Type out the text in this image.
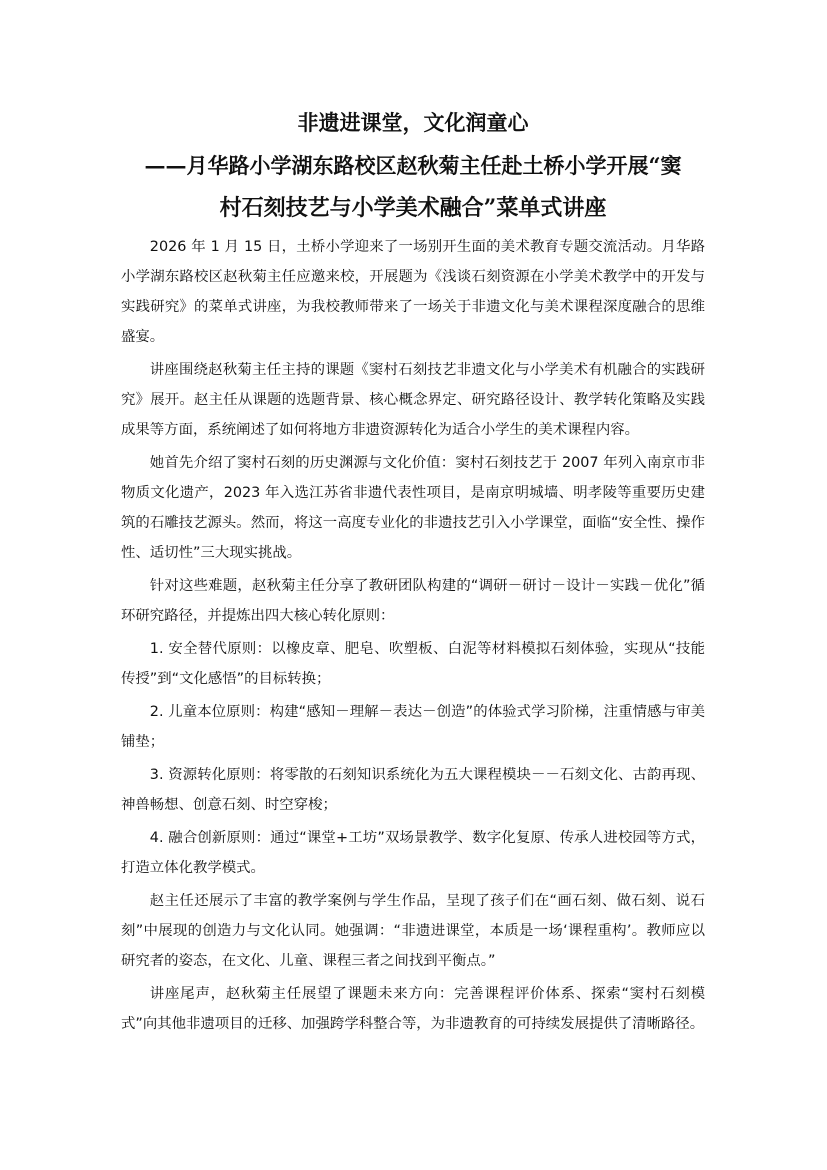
非遗进课堂，文化润童心

——月华路小学湖东路校区赵秋菊主任赴土桥小学开展“窦

村石刻技艺与小学美术融合”菜单式讲座

2026 年 1 月 15 日，土桥小学迎来了一场别开生面的美术教育专题交流活动。月华路小学湖东路校区赵秋菊主任应邀来校，开展题为《浅谈石刻资源在小学美术教学中的开发与实践研究》的菜单式讲座，为我校教师带来了一场关于非遗文化与美术课程深度融合的思维盛宴。

讲座围绕赵秋菊主任主持的课题《窦村石刻技艺非遗文化与小学美术有机融合的实践研究》展开。赵主任从课题的选题背景、核心概念界定、研究路径设计、教学转化策略及实践成果等方面，系统阐述了如何将地方非遗资源转化为适合小学生的美术课程内容。

她首先介绍了窦村石刻的历史渊源与文化价值：窦村石刻技艺于 2007 年列入南京市非物质文化遗产，2023 年入选江苏省非遗代表性项目，是南京明城墙、明孝陵等重要历史建筑的石雕技艺源头。然而，将这一高度专业化的非遗技艺引入小学课堂，面临“安全性、操作性、适切性”三大现实挑战。

针对这些难题，赵秋菊主任分享了教研团队构建的“调研－研讨－设计－实践－优化”循环研究路径，并提炼出四大核心转化原则：

1. 安全替代原则：以橡皮章、肥皂、吹塑板、白泥等材料模拟石刻体验，实现从“技能传授”到“文化感悟”的目标转换；

2. 儿童本位原则：构建“感知－理解－表达－创造”的体验式学习阶梯，注重情感与审美铺垫；

3. 资源转化原则：将零散的石刻知识系统化为五大课程模块－－石刻文化、古韵再现、神兽畅想、创意石刻、时空穿梭；

4. 融合创新原则：通过“课堂+工坊”双场景教学、数字化复原、传承人进校园等方式，打造立体化教学模式。

赵主任还展示了丰富的教学案例与学生作品，呈现了孩子们在“画石刻、做石刻、说石刻”中展现的创造力与文化认同。她强调：“非遗进课堂，本质是一场‘课程重构’。教师应以研究者的姿态，在文化、儿童、课程三者之间找到平衡点。”

讲座尾声，赵秋菊主任展望了课题未来方向：完善课程评价体系、探索“窦村石刻模式”向其他非遗项目的迁移、加强跨学科整合等，为非遗教育的可持续发展提供了清晰路径。
